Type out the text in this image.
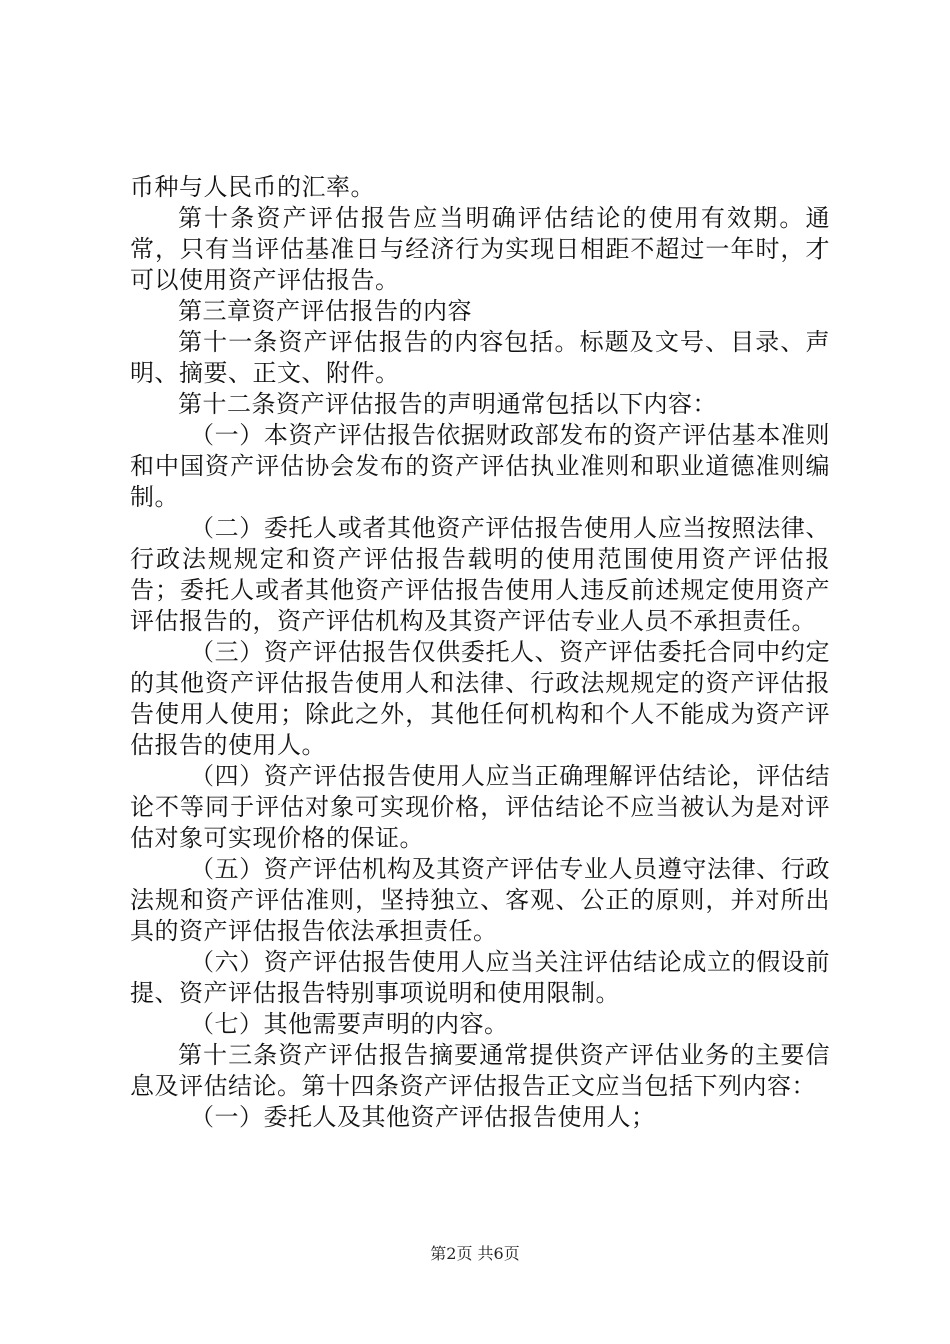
币种与人民币的汇率。

第十条资产评估报告应当明确评估结论的使用有效期。通常，只有当评估基准日与经济行为实现日相距不超过一年时，才可以使用资产评估报告。

第三章资产评估报告的内容

第十一条资产评估报告的内容包括。标题及文号、目录、声明、摘要、正文、附件。

第十二条资产评估报告的声明通常包括以下内容：

（一）本资产评估报告依据财政部发布的资产评估基本准则和中国资产评估协会发布的资产评估执业准则和职业道德准则编制。

（二）委托人或者其他资产评估报告使用人应当按照法律、行政法规规定和资产评估报告载明的使用范围使用资产评估报告；委托人或者其他资产评估报告使用人违反前述规定使用资产评估报告的，资产评估机构及其资产评估专业人员不承担责任。

（三）资产评估报告仅供委托人、资产评估委托合同中约定的其他资产评估报告使用人和法律、行政法规规定的资产评估报告使用人使用；除此之外，其他任何机构和个人不能成为资产评估报告的使用人。

（四）资产评估报告使用人应当正确理解评估结论，评估结论不等同于评估对象可实现价格，评估结论不应当被认为是对评估对象可实现价格的保证。

（五）资产评估机构及其资产评估专业人员遵守法律、行政法规和资产评估准则，坚持独立、客观、公正的原则，并对所出具的资产评估报告依法承担责任。

（六）资产评估报告使用人应当关注评估结论成立的假设前提、资产评估报告特别事项说明和使用限制。

（七）其他需要声明的内容。

第十三条资产评估报告摘要通常提供资产评估业务的主要信息及评估结论。第十四条资产评估报告正文应当包括下列内容：

（一）委托人及其他资产评估报告使用人；

第2页 共6页
